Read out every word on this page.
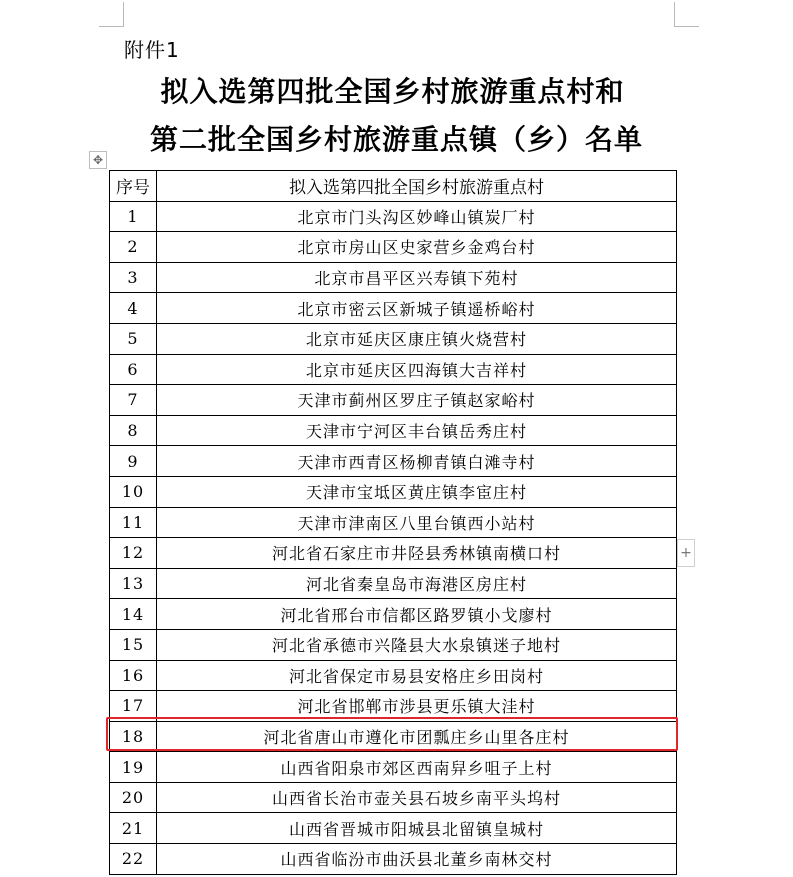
附件1
拟入选第四批全国乡村旅游重点村和
第二批全国乡村旅游重点镇（乡）名单
✥
序号	拟入选第四批全国乡村旅游重点村
1	北京市门头沟区妙峰山镇炭厂村
2	北京市房山区史家营乡金鸡台村
3	北京市昌平区兴寿镇下苑村
4	北京市密云区新城子镇遥桥峪村
5	北京市延庆区康庄镇火烧营村
6	北京市延庆区四海镇大吉祥村
7	天津市蓟州区罗庄子镇赵家峪村
8	天津市宁河区丰台镇岳秀庄村
9	天津市西青区杨柳青镇白滩寺村
10	天津市宝坻区黄庄镇李宦庄村
11	天津市津南区八里台镇西小站村
12	河北省石家庄市井陉县秀林镇南横口村
13	河北省秦皇岛市海港区房庄村
14	河北省邢台市信都区路罗镇小戈廖村
15	河北省承德市兴隆县大水泉镇迷子地村
16	河北省保定市易县安格庄乡田岗村
17	河北省邯郸市涉县更乐镇大洼村
18	河北省唐山市遵化市团瓢庄乡山里各庄村
19	山西省阳泉市郊区西南舁乡咀子上村
20	山西省长治市壶关县石坡乡南平头坞村
21	山西省晋城市阳城县北留镇皇城村
22	山西省临汾市曲沃县北董乡南林交村
+
